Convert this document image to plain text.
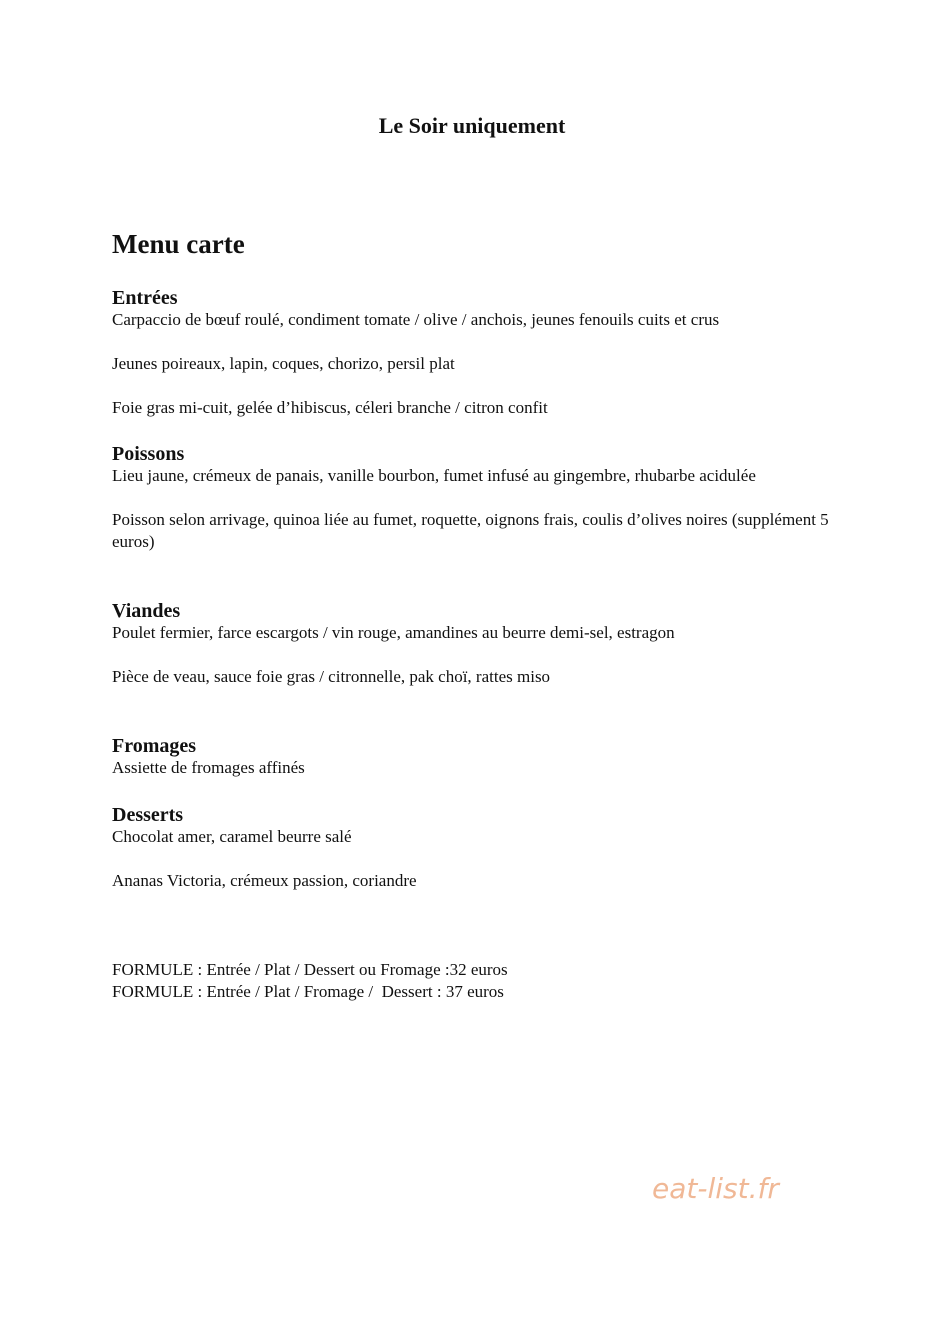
Le Soir uniquement
Menu carte
Entrées

Carpaccio de bœuf roulé, condiment tomate / olive / anchois, jeunes fenouils cuits et crus

Jeunes poireaux, lapin, coques, chorizo, persil plat

Foie gras mi-cuit, gelée d’hibiscus, céleri branche / citron confit

Poissons

Lieu jaune, crémeux de panais, vanille bourbon, fumet infusé au gingembre, rhubarbe acidulée

Poisson selon arrivage, quinoa liée au fumet, roquette, oignons frais, coulis d’olives noires (supplément 5 euros)

Viandes

Poulet fermier, farce escargots / vin rouge, amandines au beurre demi-sel, estragon

Pièce de veau, sauce foie gras / citronnelle, pak choï, rattes miso

Fromages

Assiette de fromages affinés

Desserts

Chocolat amer, caramel beurre salé

Ananas Victoria, crémeux passion, coriandre

FORMULE : Entrée / Plat / Dessert ou Fromage :32 euros

FORMULE : Entrée / Plat / Fromage /  Dessert : 37 euros

eat-list.fr
